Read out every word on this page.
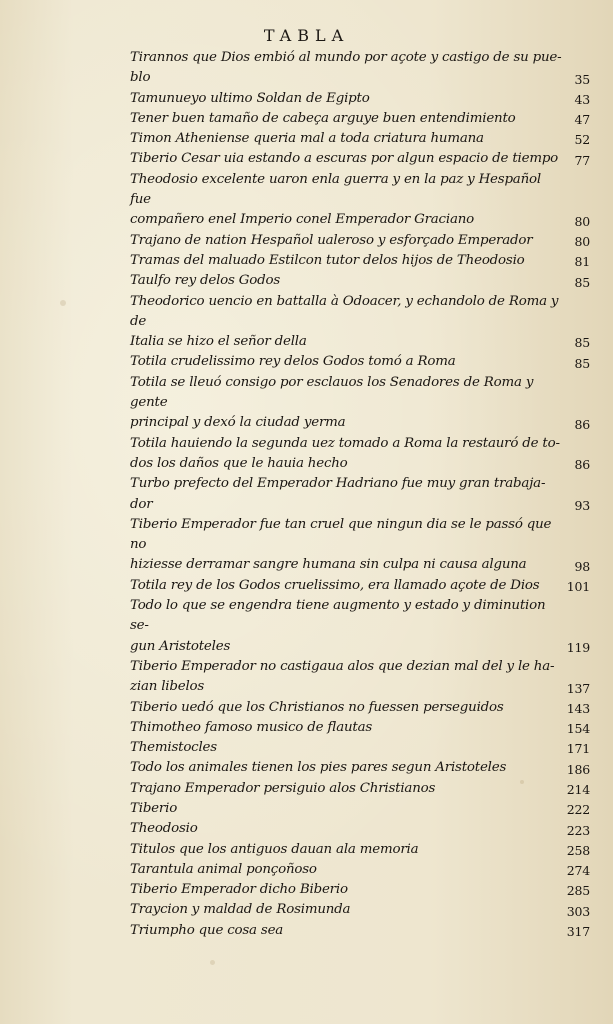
TABLA
Tirannos que Dios embió al mundo por açote y castigo de su pue-
blo	35
Tamunueyo ultimo Soldan de Egipto	43
Tener buen tamaño de cabeça arguye buen entendimiento	47
Timon Atheniense queria mal a toda criatura humana	52
Tiberio Cesar uia estando a escuras por algun espacio de tiempo	77
Theodosio excelente uaron enla guerra y en la paz y Hespañol fue
compañero enel Imperio conel Emperador Graciano	80
Trajano de nation Hespañol ualeroso y esforçado Emperador	80
Tramas del maluado Estilcon tutor delos hijos de Theodosio	81
Taulfo rey delos Godos	85
Theodorico uencio en battalla à Odoacer, y echandolo de Roma y de
Italia se hizo el señor della	85
Totila crudelissimo rey delos Godos tomó a Roma	85
Totila se lleuó consigo por esclauos los Senadores de Roma y gente
principal y dexó la ciudad yerma	86
Totila hauiendo la segunda uez tomado a Roma la restauró de to-
dos los daños que le hauia hecho	86
Turbo prefecto del Emperador Hadriano fue muy gran trabaja-
dor	93
Tiberio Emperador fue tan cruel que ningun dia se le passó que no
hiziesse derramar sangre humana sin culpa ni causa alguna	98
Totila rey de los Godos cruelissimo, era llamado açote de Dios	101
Todo lo que se engendra tiene augmento y estado y diminution se-
gun Aristoteles	119
Tiberio Emperador no castigaua alos que dezian mal del y le ha-
zian libelos	137
Tiberio uedó que los Christianos no fuessen perseguidos	143
Thimotheo famoso musico de flautas	154
Themistocles	171
Todo los animales tienen los pies pares segun Aristoteles	186
Trajano Emperador persiguio alos Christianos	214
Tiberio	222
Theodosio	223
Titulos que los antiguos dauan ala memoria	258
Tarantula animal ponçoñoso	274
Tiberio Emperador dicho Biberio	285
Traycion y maldad de Rosimunda	303
Triumpho que cosa sea	317
